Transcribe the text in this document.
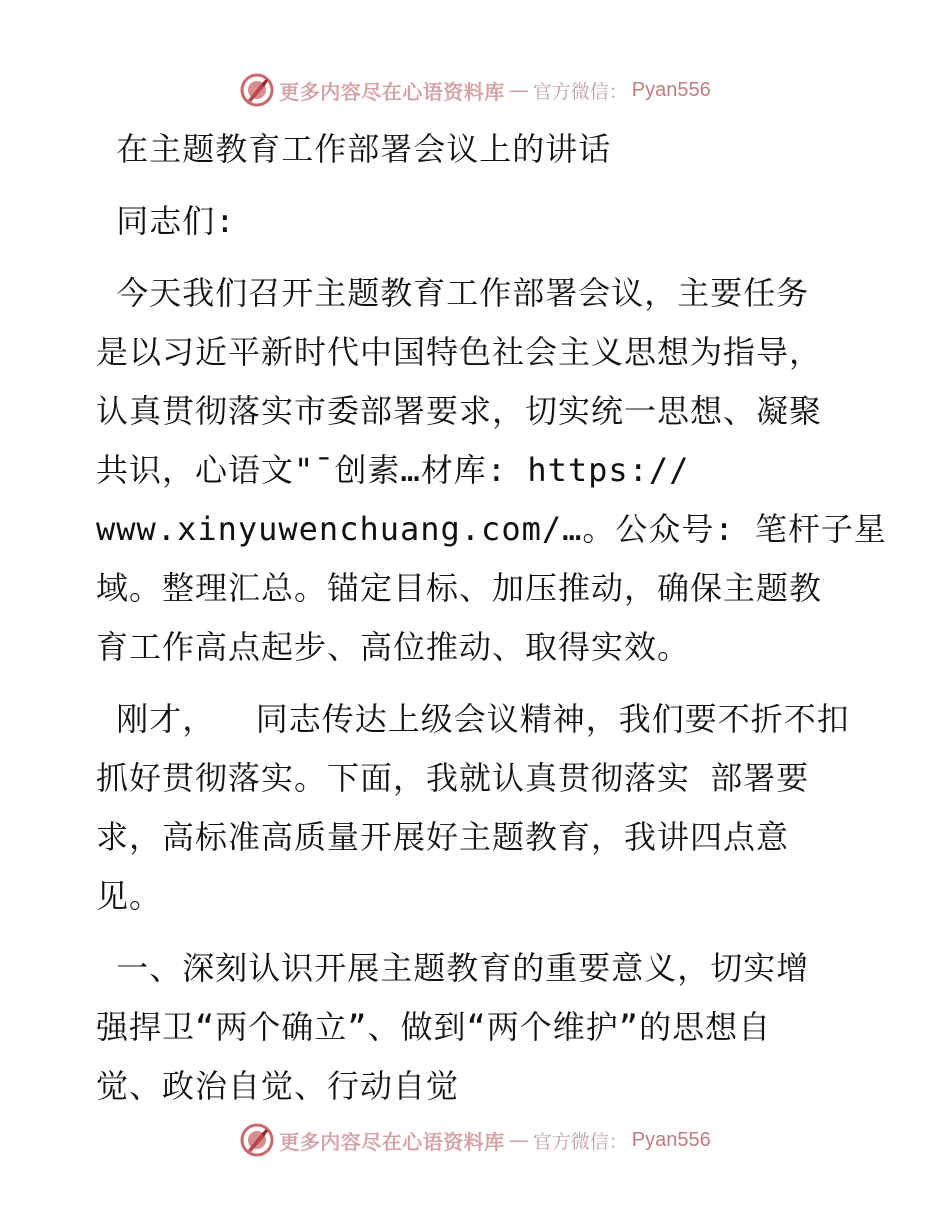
更多内容尽在心语资料库 — 官方微信： Pyan556
在主题教育工作部署会议上的讲话
同志们:
今天我们召开主题教育工作部署会议，主要任务
是以习近平新时代中国特色社会主义思想为指导，
认真贯彻落实市委部署要求，切实统一思想、凝聚
共识，心语文"¯创素…材库: https://
www.xinyuwenchuang.com/…。公众号: 笔杆子星
域。整理汇总。锚定目标、加压推动，确保主题教
育工作高点起步、高位推动、取得实效。
刚才，  同志传达上级会议精神，我们要不折不扣
抓好贯彻落实。下面，我就认真贯彻落实 部署要
求，高标准高质量开展好主题教育，我讲四点意
见。
一、深刻认识开展主题教育的重要意义，切实增
强捍卫“两个确立”、做到“两个维护”的思想自
觉、政治自觉、行动自觉
更多内容尽在心语资料库 — 官方微信： Pyan556
